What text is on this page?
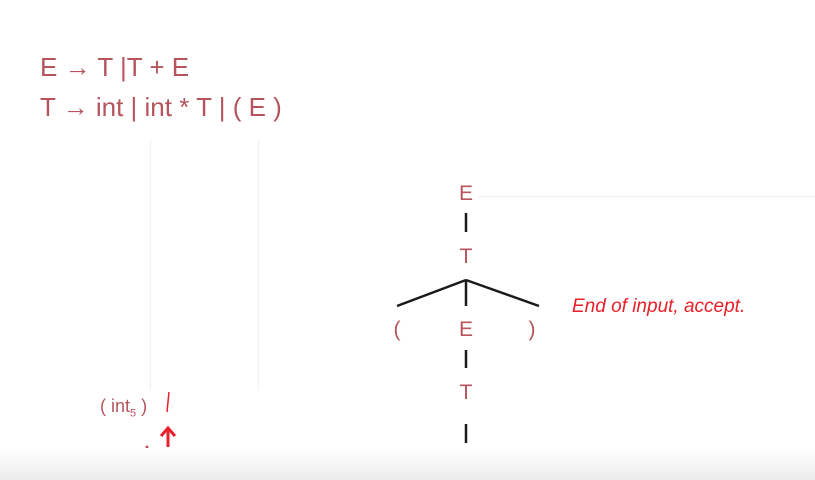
E → T |T + E
T → int | int * T | ( E )
E
T
(	E	)
T
End of input, accept.
( int$_5$ )
